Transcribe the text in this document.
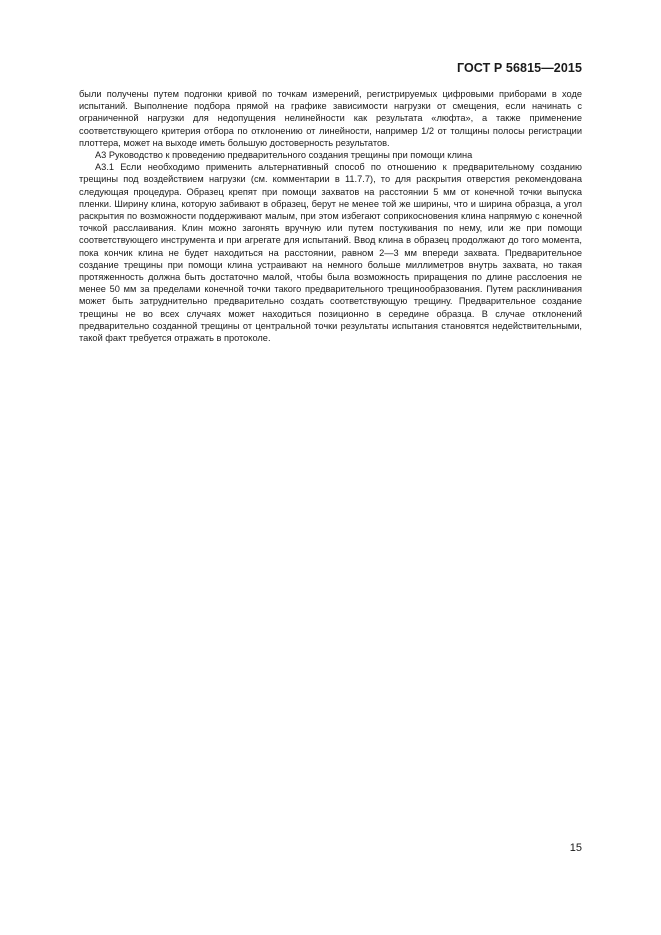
ГОСТ Р 56815—2015

были получены путем подгонки кривой по точкам измерений, регистрируемых цифровыми приборами в ходе испытаний. Выполнение подбора прямой на графике зависимости нагрузки от смещения, если начинать с ограниченной нагрузки для недопущения нелинейности как результата «люфта», а также применение соответствующего критерия отбора по отклонению от линейности, например 1/2 от толщины полосы регистрации плоттера, может на выходе иметь большую достоверность результатов.

А3 Руководство к проведению предварительного создания трещины при помощи клина

А3.1 Если необходимо применить альтернативный способ по отношению к предварительному созданию трещины под воздействием нагрузки (см. комментарии в 11.7.7), то для раскрытия отверстия рекомендована следующая процедура. Образец крепят при помощи захватов на расстоянии 5 мм от конечной точки выпуска пленки. Ширину клина, которую забивают в образец, берут не менее той же ширины, что и ширина образца, а угол раскрытия по возможности поддерживают малым, при этом избегают соприкосновения клина напрямую с конечной точкой расслаивания. Клин можно загонять вручную или путем постукивания по нему, или же при помощи соответствующего инструмента и при агрегате для испытаний. Ввод клина в образец продолжают до того момента, пока кончик клина не будет находиться на расстоянии, равном 2—3 мм впереди захвата. Предварительное создание трещины при помощи клина устраивают на немного больше миллиметров внутрь захвата, но такая протяженность должна быть достаточно малой, чтобы была возможность приращения по длине расслоения не менее 50 мм за пределами конечной точки такого предварительного трещинообразования. Путем расклинивания может быть затруднительно предварительно создать соответствующую трещину. Предварительное создание трещины не во всех случаях может находиться позиционно в середине образца. В случае отклонений предварительно созданной трещины от центральной точки результаты испытания становятся недействительными, такой факт требуется отражать в протоколе.

15
